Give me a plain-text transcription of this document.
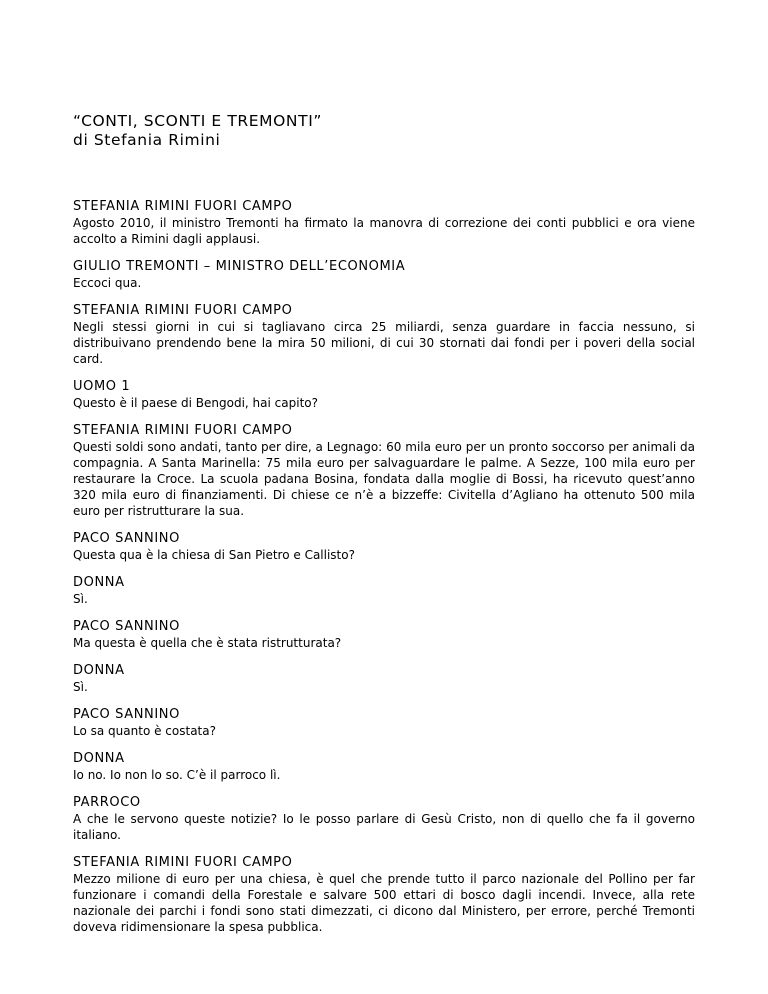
“CONTI, SCONTI E TREMONTI”
di Stefania Rimini
STEFANIA RIMINI FUORI CAMPO
Agosto 2010, il ministro Tremonti ha firmato la manovra di correzione dei conti pubblici e ora viene accolto a Rimini dagli applausi.
GIULIO TREMONTI – MINISTRO DELL’ECONOMIA
Eccoci qua.
STEFANIA RIMINI FUORI CAMPO
Negli stessi giorni in cui si tagliavano circa 25 miliardi, senza guardare in faccia nessuno, si distribuivano prendendo bene la mira 50 milioni, di cui 30 stornati dai fondi per i poveri della social card.
UOMO 1
Questo è il paese di Bengodi, hai capito?
STEFANIA RIMINI FUORI CAMPO
Questi soldi sono andati, tanto per dire, a Legnago: 60 mila euro per un pronto soccorso per animali da compagnia. A Santa Marinella: 75 mila euro per salvaguardare le palme. A Sezze, 100 mila euro per restaurare la Croce. La scuola padana Bosina, fondata dalla moglie di Bossi, ha ricevuto quest’anno 320 mila euro di finanziamenti. Di chiese ce n’è a bizzeffe: Civitella d’Agliano ha ottenuto 500 mila euro per ristrutturare la sua.
PACO SANNINO
Questa qua è la chiesa di San Pietro e Callisto?
DONNA
Sì.
PACO SANNINO
Ma questa è quella che è stata ristrutturata?
DONNA
Sì.
PACO SANNINO
Lo sa quanto è costata?
DONNA
Io no. Io non lo so. C’è il parroco lì.
PARROCO
A che le servono queste notizie? Io le posso parlare di Gesù Cristo, non di quello che fa il governo italiano.
STEFANIA RIMINI FUORI CAMPO
Mezzo milione di euro per una chiesa, è quel che prende tutto il parco nazionale del Pollino per far funzionare i comandi della Forestale e salvare 500 ettari di bosco dagli incendi. Invece, alla rete nazionale dei parchi i fondi sono stati dimezzati, ci dicono dal Ministero, per errore, perché Tremonti doveva ridimensionare la spesa pubblica.
